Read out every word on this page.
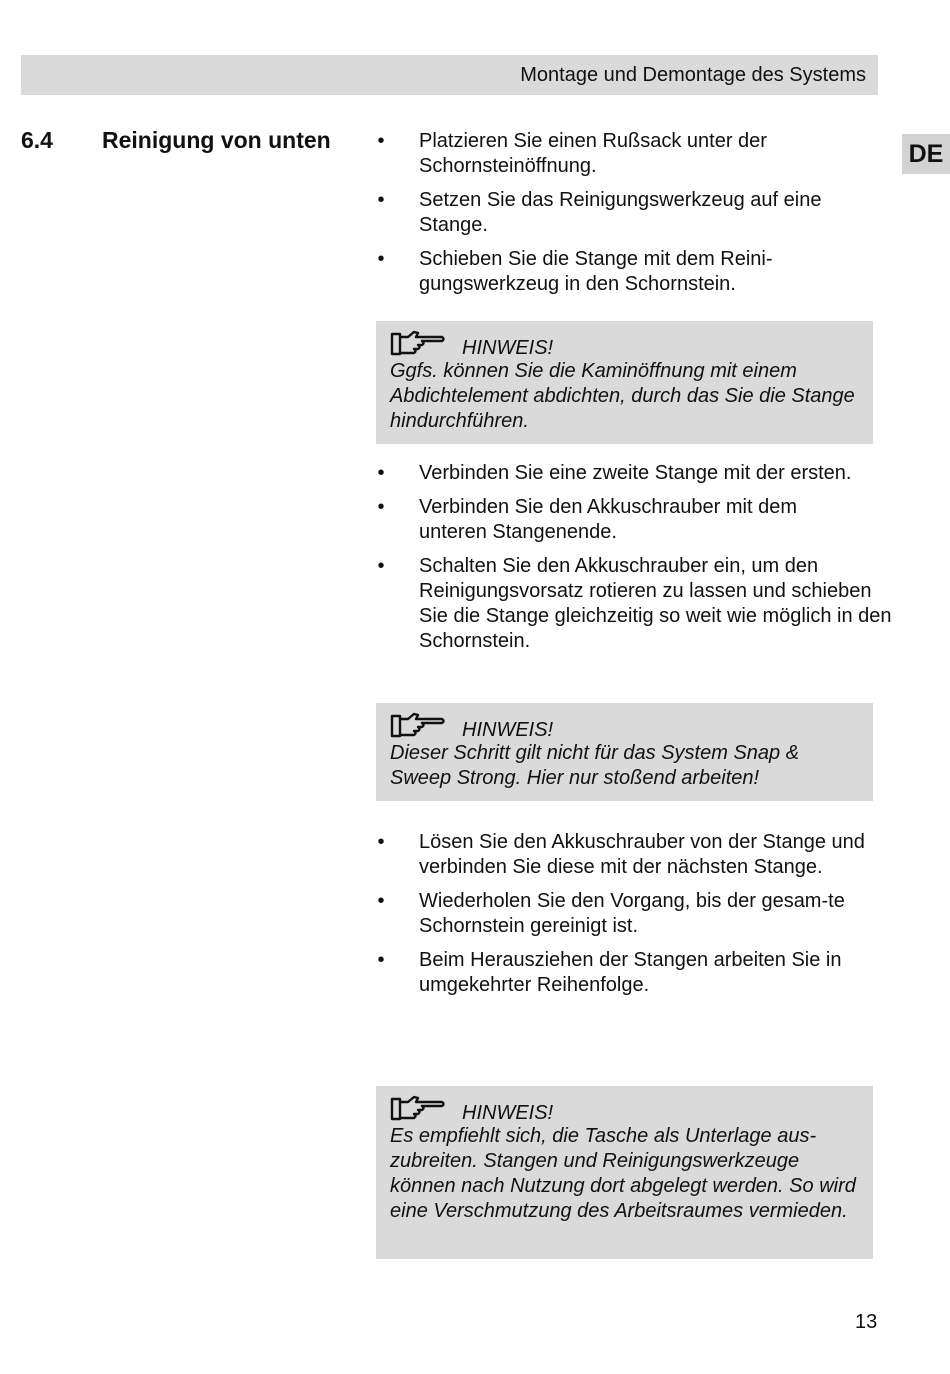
Montage und Demontage des Systems
DE
6.4 Reinigung von unten • Platzieren Sie einen Rußsack unter der Schornsteinöffnung.
• Setzen Sie das Reinigungswerkzeug auf eine Stange.
• Schieben Sie die Stange mit dem Reini-gungswerkzeug in den Schornstein.
HINWEIS!
Ggfs. können Sie die Kaminöffnung mit einem Abdichtelement abdichten, durch das Sie die Stange hindurchführen.
• Verbinden Sie eine zweite Stange mit der ersten.
• Verbinden Sie den Akkuschrauber mit dem unteren Stangenende.
• Schalten Sie den Akkuschrauber ein, um den Reinigungsvorsatz rotieren zu lassen und schieben Sie die Stange gleichzeitig so weit wie möglich in den Schornstein.
HINWEIS!
Dieser Schritt gilt nicht für das System Snap & Sweep Strong. Hier nur stoßend arbeiten!
• Lösen Sie den Akkuschrauber von der Stange und verbinden Sie diese mit der nächsten Stange.
• Wiederholen Sie den Vorgang, bis der gesam-te Schornstein gereinigt ist.
• Beim Herausziehen der Stangen arbeiten Sie in umgekehrter Reihenfolge.
HINWEIS!
Es empfiehlt sich, die Tasche als Unterlage aus-zubreiten. Stangen und Reinigungswerkzeuge können nach Nutzung dort abgelegt werden. So wird eine Verschmutzung des Arbeitsraumes vermieden.
13
